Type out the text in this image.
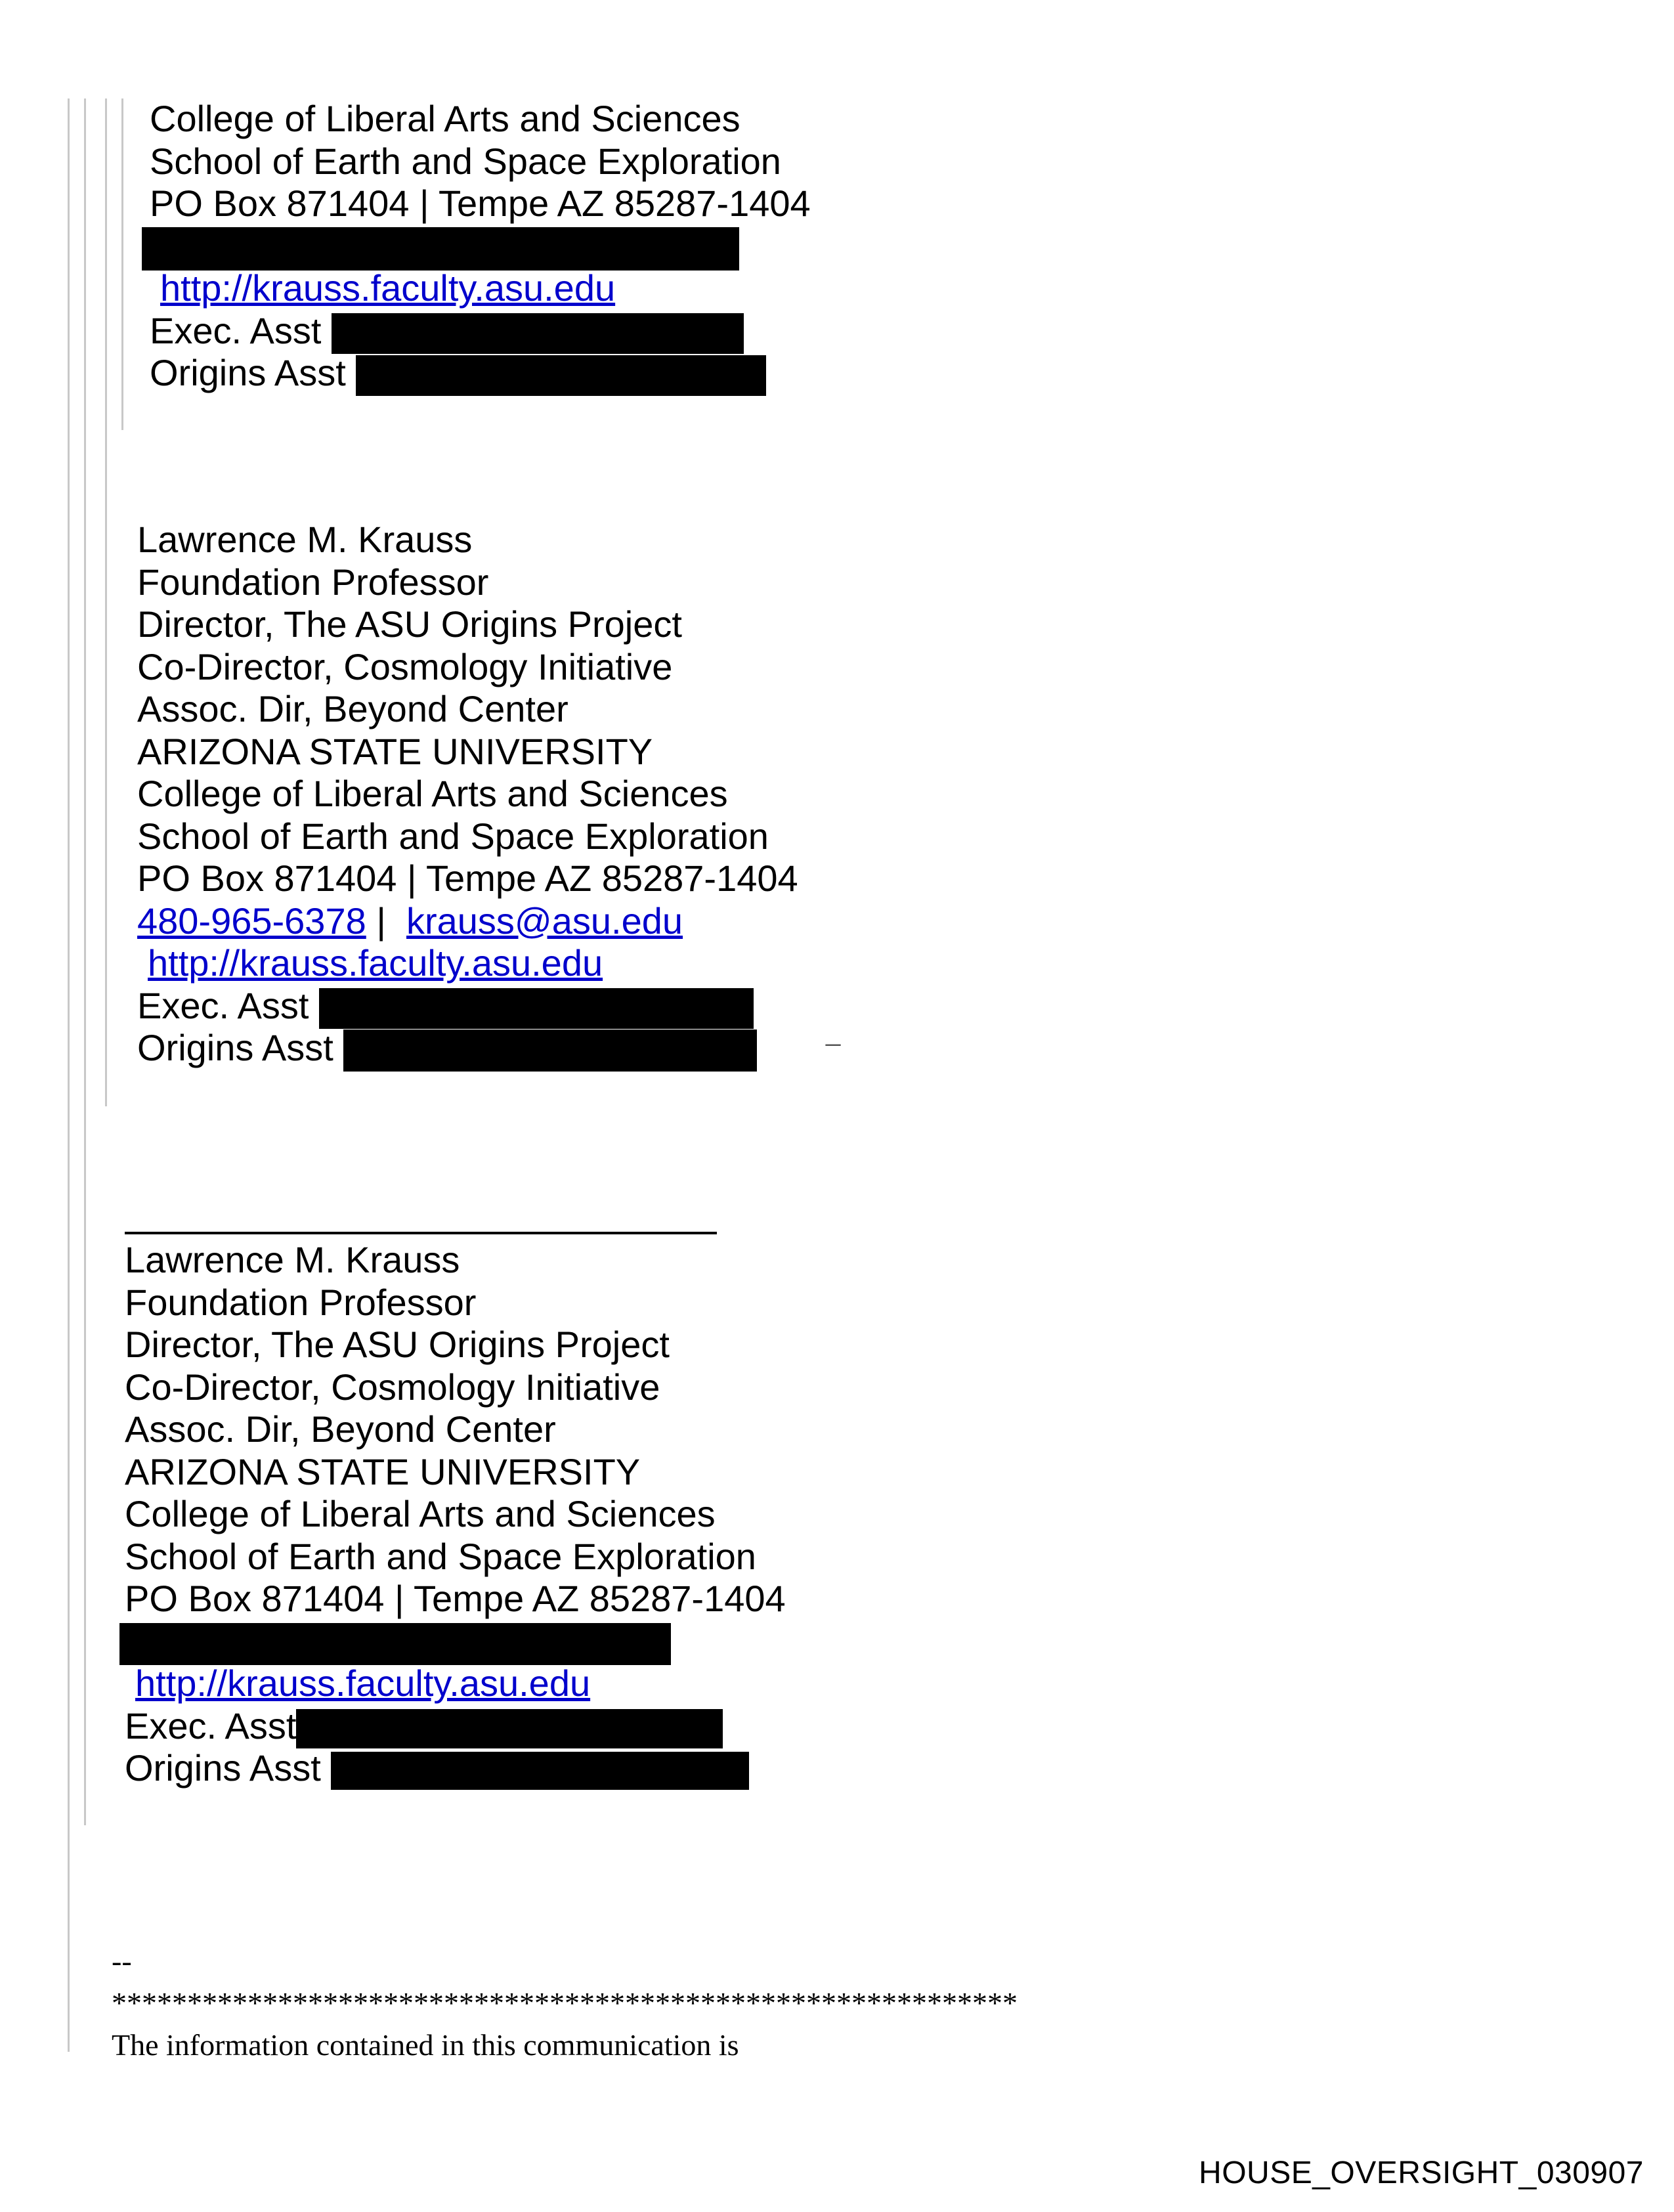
College of Liberal Arts and Sciences
School of Earth and Space Exploration
PO Box 871404 | Tempe AZ 85287-1404
http://krauss.faculty.asu.edu
Exec. Asst
Origins Asst
Lawrence M. Krauss
Foundation Professor
Director, The ASU Origins Project
Co-Director, Cosmology Initiative
Assoc. Dir, Beyond Center
ARIZONA STATE UNIVERSITY
College of Liberal Arts and Sciences
School of Earth and Space Exploration
PO Box 871404 | Tempe AZ 85287-1404
480-965-6378 | krauss@asu.edu
http://krauss.faculty.asu.edu
Exec. Asst
Origins Asst	_
Lawrence M. Krauss
Foundation Professor
Director, The ASU Origins Project
Co-Director, Cosmology Initiative
Assoc. Dir, Beyond Center
ARIZONA STATE UNIVERSITY
College of Liberal Arts and Sciences
School of Earth and Space Exploration
PO Box 871404 | Tempe AZ 85287-1404
http://krauss.faculty.asu.edu
Exec. Asst
Origins Asst
--
************************************************************
The information contained in this communication is
HOUSE_OVERSIGHT_030907
